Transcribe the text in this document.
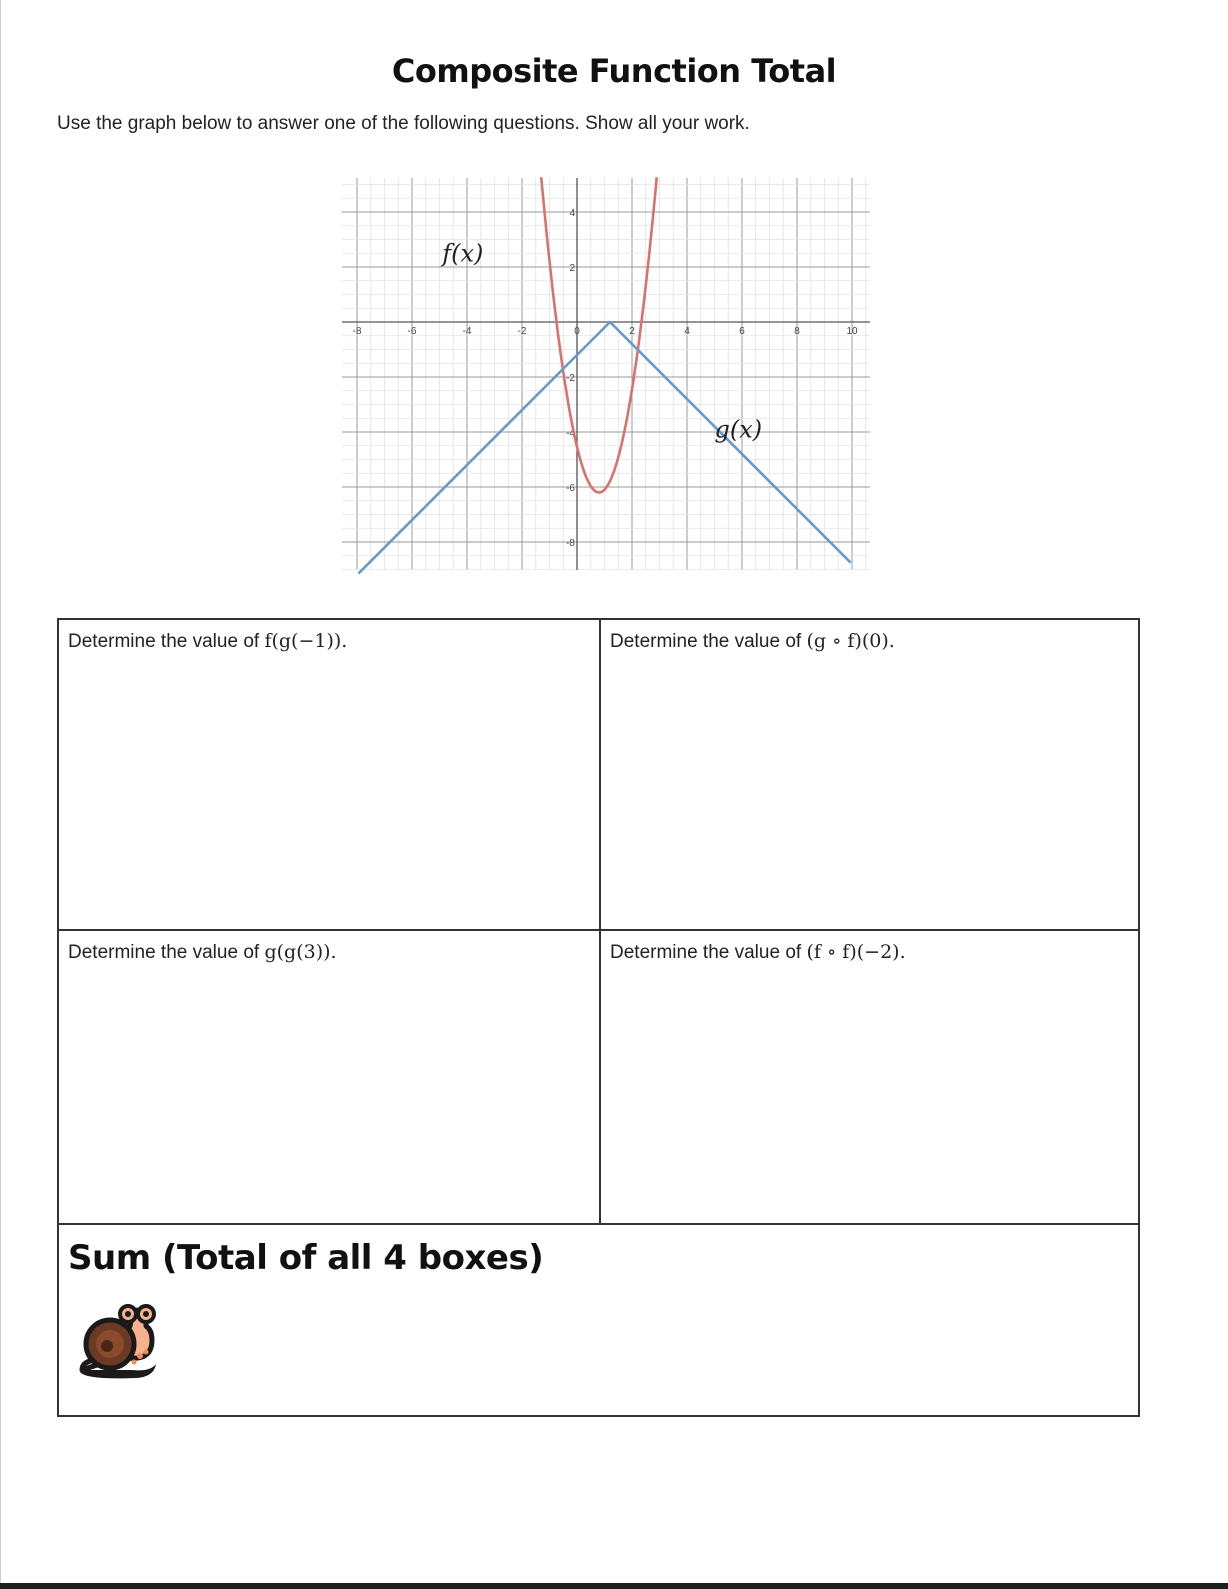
Composite Function Total
Use the graph below to answer one of the following questions. Show all your work.
-8	-6	-4	-2	0	2	4	6	8	10
4
2
-2
-4
-6
-8
f(x)
g(x)
Determine the value of f(g(−1)).	Determine the value of (g ∘ f)(0).
Determine the value of g(g(3)).	Determine the value of (f ∘ f)(−2).
Sum (Total of all 4 boxes)
